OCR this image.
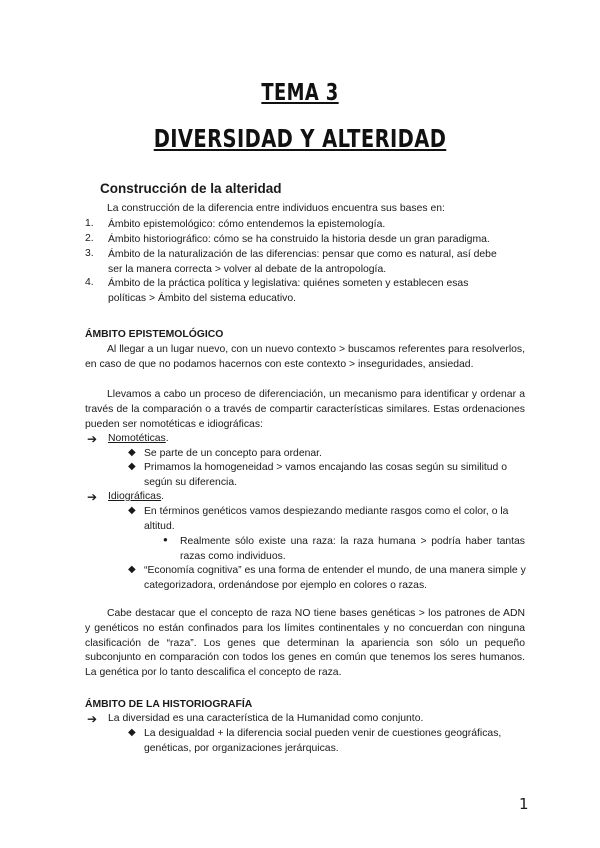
TEMA 3
DIVERSIDAD Y ALTERIDAD
Construcción de la alteridad
La construcción de la diferencia entre individuos encuentra sus bases en:
1. Ámbito epistemológico: cómo entendemos la epistemología.
2. Ámbito historiográfico: cómo se ha construido la historia desde un gran paradigma.
3. Ámbito de la naturalización de las diferencias: pensar que como es natural, así debe
ser la manera correcta > volver al debate de la antropología.
4. Ámbito de la práctica política y legislativa: quiénes someten y establecen esas
políticas > Ámbito del sistema educativo.
ÁMBITO EPISTEMOLÓGICO
Al llegar a un lugar nuevo, con un nuevo contexto > buscamos referentes para resolverlos, en caso de que no podamos hacernos con este contexto > inseguridades, ansiedad.
Llevamos a cabo un proceso de diferenciación, un mecanismo para identificar y ordenar a través de la comparación o a través de compartir características similares. Estas ordenaciones pueden ser nomotéticas e idiográficas:
➔ Nomotéticas.
◆ Se parte de un concepto para ordenar.
◆ Primamos la homogeneidad > vamos encajando las cosas según su similitud o según su diferencia.
➔ Idiográficas.
◆ En términos genéticos vamos despiezando mediante rasgos como el color, o la altitud.
● Realmente sólo existe una raza: la raza humana > podría haber tantas razas como individuos.
◆ “Economía cognitiva” es una forma de entender el mundo, de una manera simple y categorizadora, ordenándose por ejemplo en colores o razas.
Cabe destacar que el concepto de raza NO tiene bases genéticas > los patrones de ADN y genéticos no están confinados para los límites continentales y no concuerdan con ninguna clasificación de “raza”. Los genes que determinan la apariencia son sólo un pequeño subconjunto en comparación con todos los genes en común que tenemos los seres humanos. La genética por lo tanto descalifica el concepto de raza.
ÁMBITO DE LA HISTORIOGRAFÍA
➔ La diversidad es una característica de la Humanidad como conjunto.
◆ La desigualdad + la diferencia social pueden venir de cuestiones geográficas, genéticas, por organizaciones jerárquicas.
1
